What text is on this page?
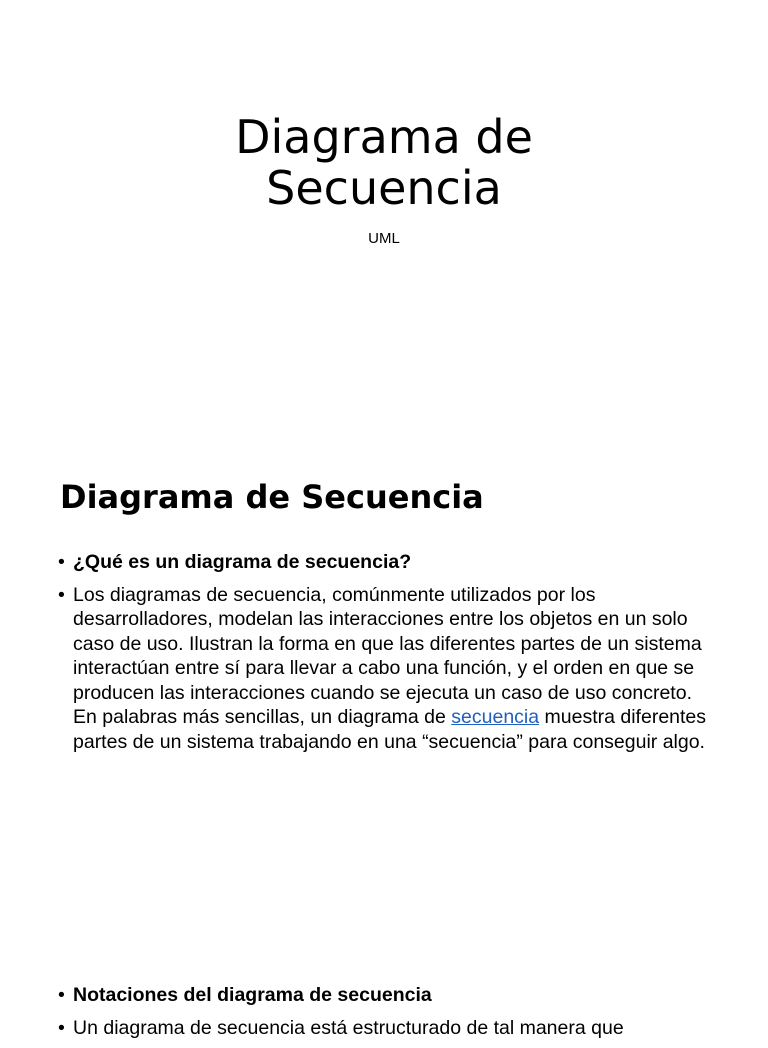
Diagrama de
Secuencia
UML
Diagrama de Secuencia
• ¿Qué es un diagrama de secuencia?
• Los diagramas de secuencia, comúnmente utilizados por los desarrolladores, modelan las interacciones entre los objetos en un solo caso de uso. Ilustran la forma en que las diferentes partes de un sistema interactúan entre sí para llevar a cabo una función, y el orden en que se producen las interacciones cuando se ejecuta un caso de uso concreto. En palabras más sencillas, un diagrama de secuencia muestra diferentes partes de un sistema trabajando en una “secuencia” para conseguir algo.
• Notaciones del diagrama de secuencia
• Un diagrama de secuencia está estructurado de tal manera que
